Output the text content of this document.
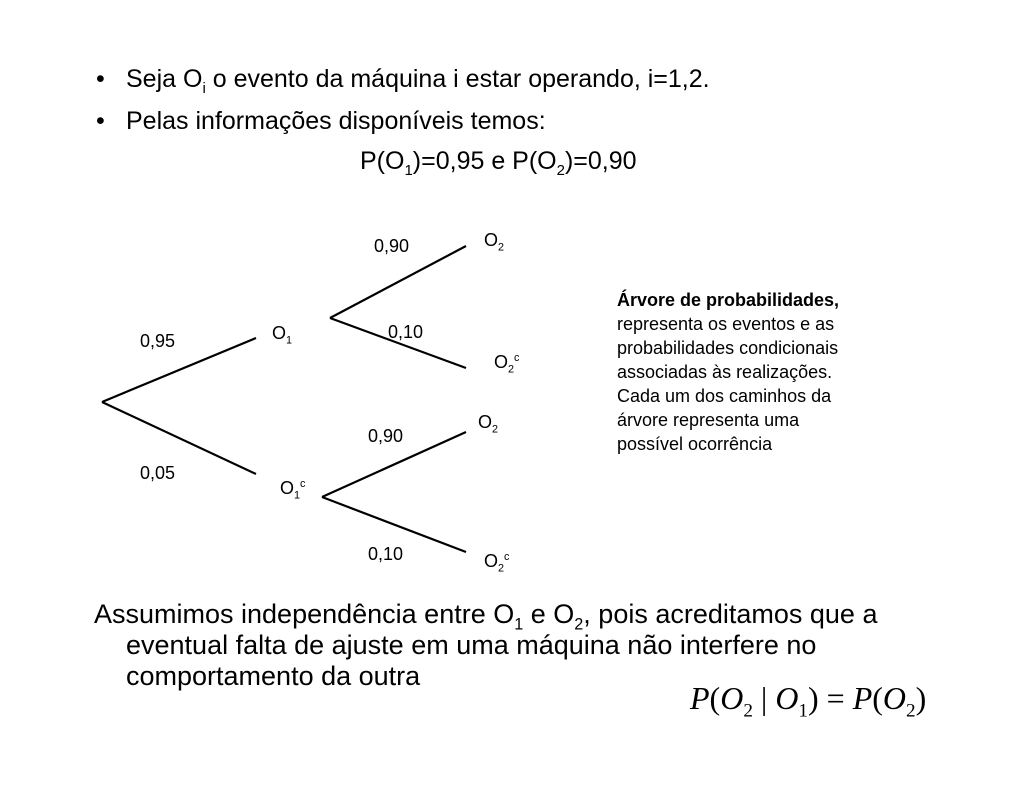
• Seja $O_i$ o evento da máquina i estar operando, i=1,2.
• Pelas informações disponíveis temos:
$P(O_1)=0,95$ e $P(O_2)=0,90$
0,95
0,05
$O_1$
$O_1^c$
0,90
0,10
0,90
0,10
$O_2$
$O_2^c$
$O_2$
$O_2^c$
Árvore de probabilidades,
representa os eventos e as
probabilidades condicionais
associadas às realizações.
Cada um dos caminhos da
árvore representa uma
possível ocorrência
Assumimos independência entre $O_1$ e $O_2$, pois acreditamos que a eventual falta de ajuste em uma máquina não interfere no comportamento da outra
$P(O_2$ | $O_1) = P(O_2)$
